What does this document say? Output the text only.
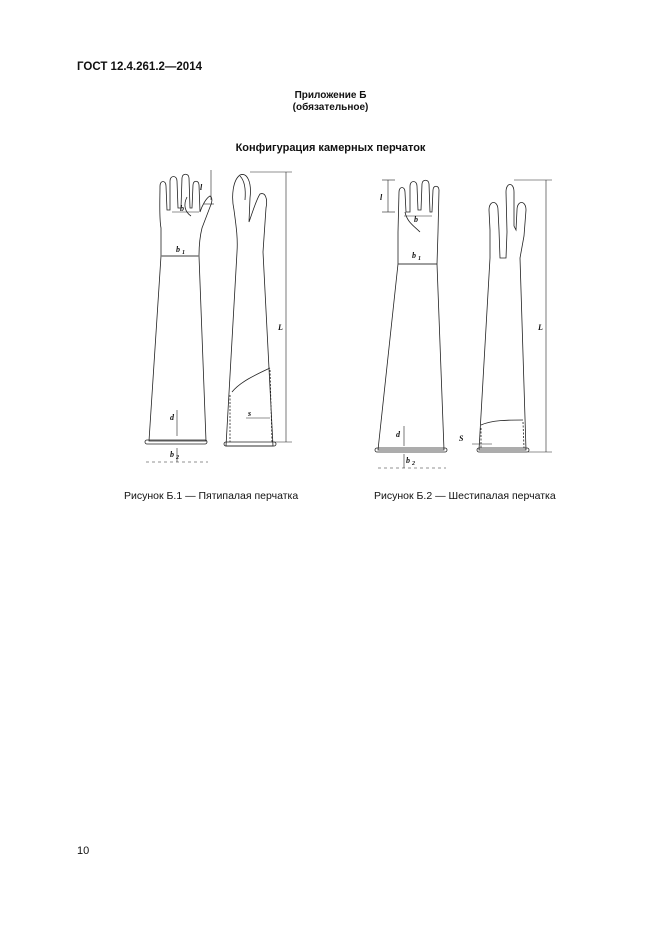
ГОСТ 12.4.261.2—2014
Приложение Б
(обязательное)
Конфигурация камерных перчаток
l
b
b 1
L
d	s
b 2
l
b
b 1
L
d	S
b 2
Рисунок Б.1 — Пятипалая перчатка	Рисунок Б.2 — Шестипалая перчатка
10
